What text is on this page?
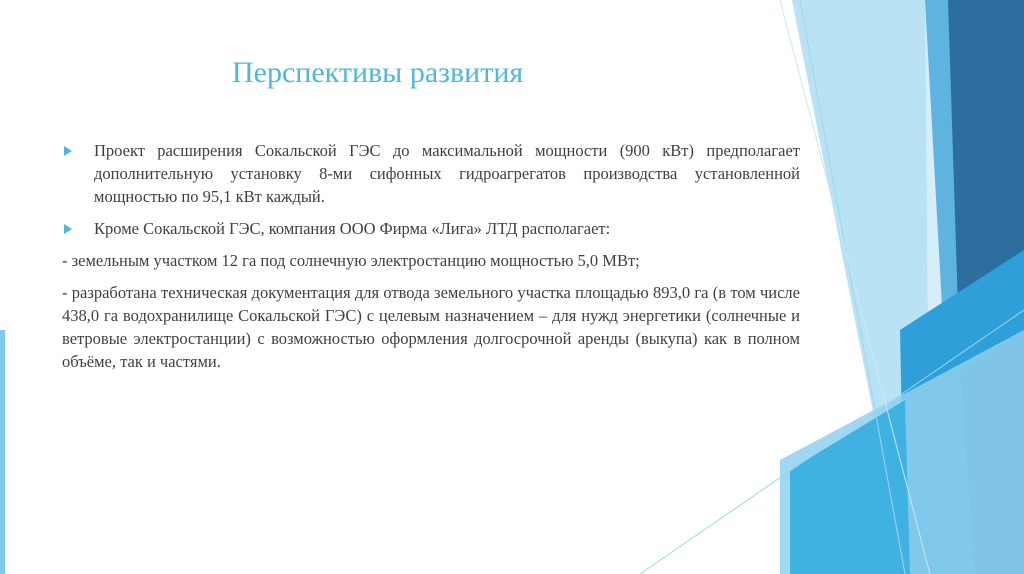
Перспективы развития

Проект расширения Сокальской ГЭС до максимальной мощности (900 кВт) предполагает дополнительную установку 8-ми сифонных гидроагрегатов производства установленной мощностью по 95,1 кВт каждый.

Кроме Сокальской ГЭС, компания ООО Фирма «Лига» ЛТД располагает:

- земельным участком 12 га под солнечную электростанцию мощностью 5,0 МВт;

- разработана техническая документация для отвода земельного участка площадью 893,0 га (в том числе 438,0 га водохранилище Сокальской ГЭС) с целевым назначением – для нужд энергетики (солнечные и ветровые электростанции) с возможностью оформления долгосрочной аренды (выкупа) как в полном объёме, так и частями.
